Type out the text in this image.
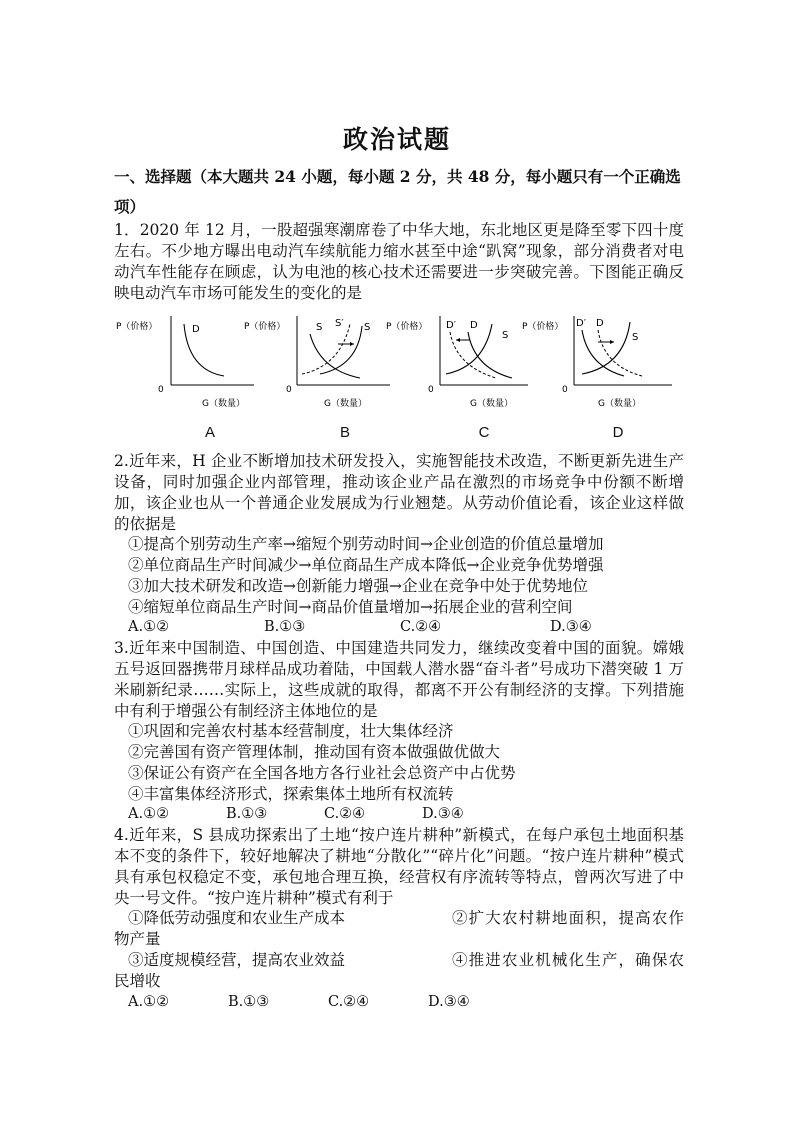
政治试题
一、选择题（本大题共 24 小题，每小题 2 分，共 48 分，每小题只有一个正确选项）
1．2020 年 12 月，一股超强寒潮席卷了中华大地，东北地区更是降至零下四十度左右。不少地方曝出电动汽车续航能力缩水甚至中途“趴窝”现象，部分消费者对电动汽车性能存在顾虑，认为电池的核心技术还需要进一步突破完善。下图能正确反映电动汽车市场可能发生的变化的是
P（价格）
0
G（数量）
D
A
P（价格）
0
G（数量）
S S′ S
B
P（价格）
0
G（数量）
D′ D
S
C
P（价格）
0
G（数量）
D′ D
S
D
2.近年来，H 企业不断增加技术研发投入，实施智能技术改造，不断更新先进生产设备，同时加强企业内部管理，推动该企业产品在激烈的市场竞争中份额不断增加，该企业也从一个普通企业发展成为行业翘楚。从劳动价值论看，该企业这样做的依据是
①提高个别劳动生产率→缩短个别劳动时间→企业创造的价值总量增加
②单位商品生产时间减少→单位商品生产成本降低→企业竞争优势增强
③加大技术研发和改造→创新能力增强→企业在竞争中处于优势地位
④缩短单位商品生产时间→商品价值量增加→拓展企业的营利空间
A.①②	B.①③	C.②④	D.③④
3.近年来中国制造、中国创造、中国建造共同发力，继续改变着中国的面貌。嫦娥五号返回器携带月球样品成功着陆，中国载人潜水器“奋斗者”号成功下潜突破 1 万米刷新纪录……实际上，这些成就的取得，都离不开公有制经济的支撑。下列措施中有利于增强公有制经济主体地位的是
①巩固和完善农村基本经营制度，壮大集体经济
②完善国有资产管理体制，推动国有资本做强做优做大
③保证公有资产在全国各地方各行业社会总资产中占优势
④丰富集体经济形式，探索集体土地所有权流转
A.①②	B.①③	C.②④	D.③④
4.近年来，S 县成功探索出了土地“按户连片耕种”新模式，在每户承包土地面积基本不变的条件下，较好地解决了耕地“分散化”“碎片化”问题。“按户连片耕种”模式具有承包权稳定不变，承包地合理互换，经营权有序流转等特点，曾两次写进了中央一号文件。“按户连片耕种”模式有利于
①降低劳动强度和农业生产成本	②扩大农村耕地面积，提高农作物产量
③适度规模经营，提高农业效益	④推进农业机械化生产，确保农民增收
A.①②	B.①③	C.②④	D.③④
